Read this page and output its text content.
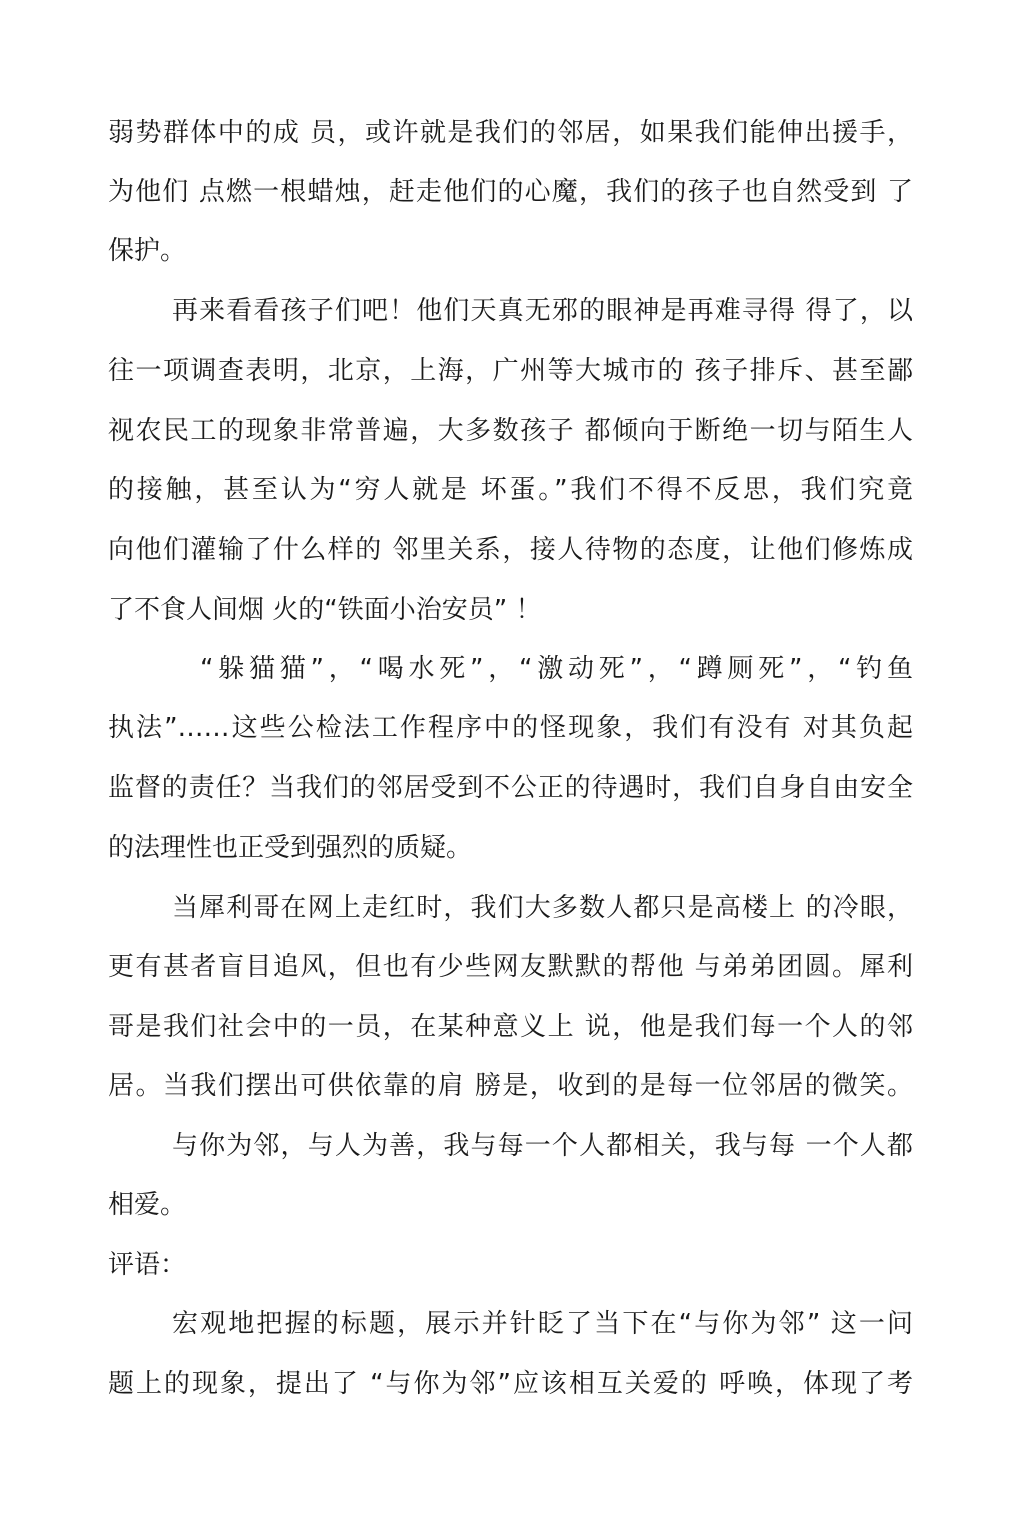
弱势群体中的成 员，或许就是我们的邻居，如果我们能伸出援手，
为他们 点燃一根蜡烛，赶走他们的心魔，我们的孩子也自然受到 了
保护。
再来看看孩子们吧！他们天真无邪的眼神是再难寻得 得了，以
往一项调查表明，北京，上海，广州等大城市的 孩子排斥、甚至鄙
视农民工的现象非常普遍，大多数孩子 都倾向于断绝一切与陌生人
的接触，甚至认为“穷人就是 坏蛋。”我们不得不反思，我们究竟
向他们灌输了什么样的 邻里关系，接人待物的态度，让他们修炼成
了不食人间烟 火的“铁面小治安员” ！
“躲猫猫”，“喝水死”，“激动死”，“蹲厕死”，“钓鱼
执法”……这些公检法工作程序中的怪现象，我们有没有 对其负起
监督的责任？当我们的邻居受到不公正的待遇时，我们自身自由安全
的法理性也正受到强烈的质疑。
当犀利哥在网上走红时，我们大多数人都只是高楼上 的冷眼，
更有甚者盲目追风，但也有少些网友默默的帮他 与弟弟团圆。犀利
哥是我们社会中的一员，在某种意义上 说，他是我们每一个人的邻
居。当我们摆出可供依靠的肩 膀是，收到的是每一位邻居的微笑。
与你为邻，与人为善，我与每一个人都相关，我与每 一个人都
相爱。
评语：
宏观地把握的标题，展示并针眨了当下在“与你为邻” 这一问
题上的现象，提出了 “与你为邻”应该相互关爱的 呼唤，体现了考
